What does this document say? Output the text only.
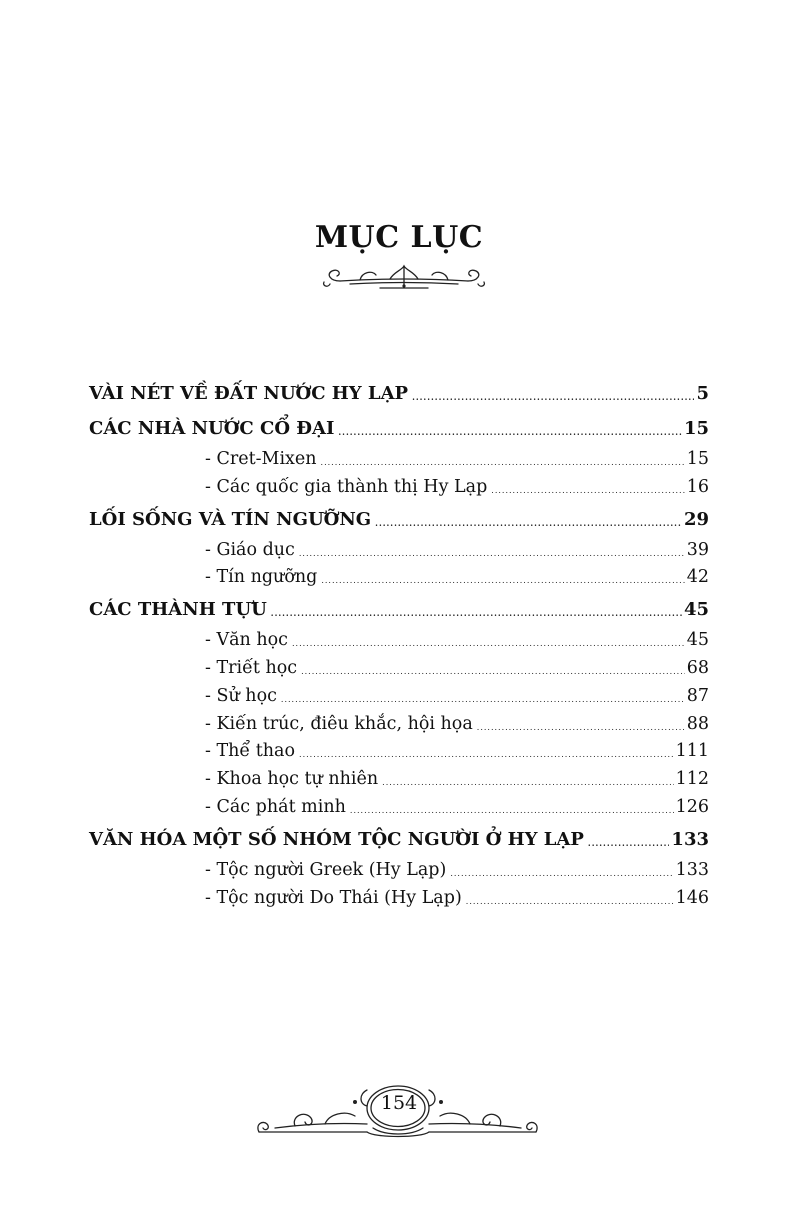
MỤC LỤC
VÀI NÉT VỀ ĐẤT NƯỚC HY LẠP .....	5
CÁC NHÀ NƯỚC CỔ ĐẠI .....	15
- Cret-Mixen .....	15
- Các quốc gia thành thị Hy Lạp .....	16
LỐI SỐNG VÀ TÍN NGƯỠNG .....	29
- Giáo dục .....	39
- Tín ngưỡng .....	42
CÁC THÀNH TỰU .....	45
- Văn học .....	45
- Triết học .....	68
- Sử học .....	87
- Kiến trúc, điêu khắc, hội họa .....	88
- Thể thao .....	111
- Khoa học tự nhiên .....	112
- Các phát minh .....	126
VĂN HÓA MỘT SỐ NHÓM TỘC NGƯỜI Ở HY LẠP .....	133
- Tộc người Greek (Hy Lạp) .....	133
- Tộc người Do Thái (Hy Lạp) .....	146
154
